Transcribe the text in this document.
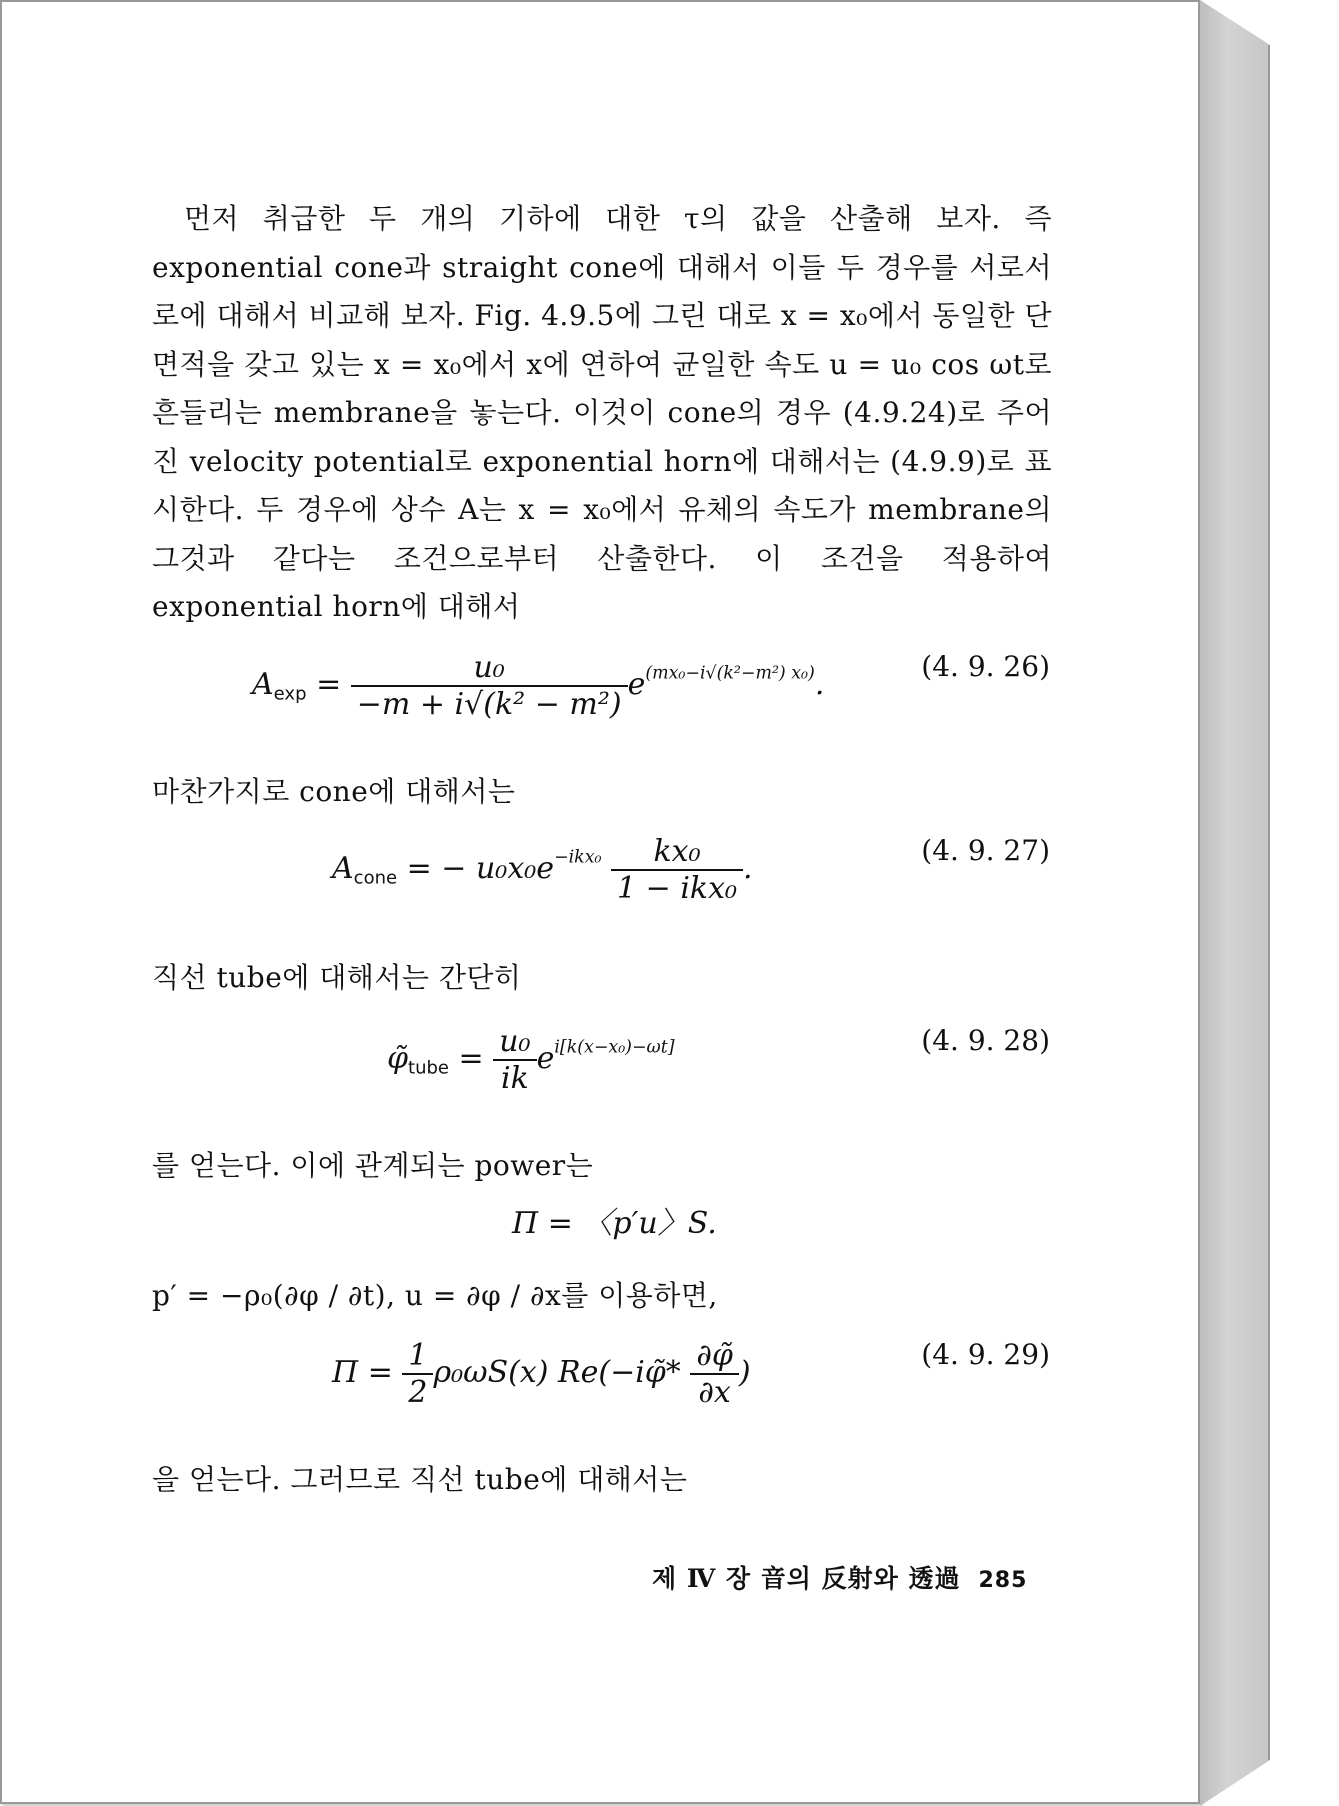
먼저 취급한 두 개의 기하에 대한 τ의 값을 산출해 보자. 즉 exponential cone과 straight cone에 대해서 이들 두 경우를 서로서로에 대해서 비교해 보자. Fig. 4.9.5에 그린 대로 x = x₀에서 동일한 단면적을 갖고 있는 x = x₀에서 x에 연하여 균일한 속도 u = u₀ cos ωt로 흔들리는 membrane을 놓는다. 이것이 cone의 경우 (4.9.24)로 주어진 velocity potential로 exponential horn에 대해서는 (4.9.9)로 표시한다. 두 경우에 상수 A는 x = x₀에서 유체의 속도가 membrane의 그것과 같다는 조건으로부터 산출한다. 이 조건을 적용하여 exponential horn에 대해서

$Aexp = \frac{\text{u₀}}{\text{−m + i√(k² − m²)}} e^{(mx_0-i√(k^2-m^2) x_0)}$.
(4. 9. 26)

마찬가지로 cone에 대해서는

Acone = − $u_0x_0e^{-ikx_0} \frac{\text{kx₀}}{\text{1 − ikx₀}}$ .
(4. 9. 27)

직선 tube에 대해서는 간단히

φ̃tube = $\frac{\text{u₀}}{ik} e^{i[k(x-x_0)-\omega t]}$	(4. 9. 28)

를 얻는다. 이에 관계되는 power는

Π = 〈p′u〉S.

p′ = −ρ₀(∂φ / ∂t), u = ∂φ / ∂x를 이용하면,

$\Pi = \frac{1}{2} \rho_0\omega S(x)$ Re(−iφ̃* $\frac{\partial\varphĩ}{\partial x}$ )
(4. 9. 29)

을 얻는다. 그러므로 직선 tube에 대해서는

제 Ⅳ 장 音의 反射와 透過 285
